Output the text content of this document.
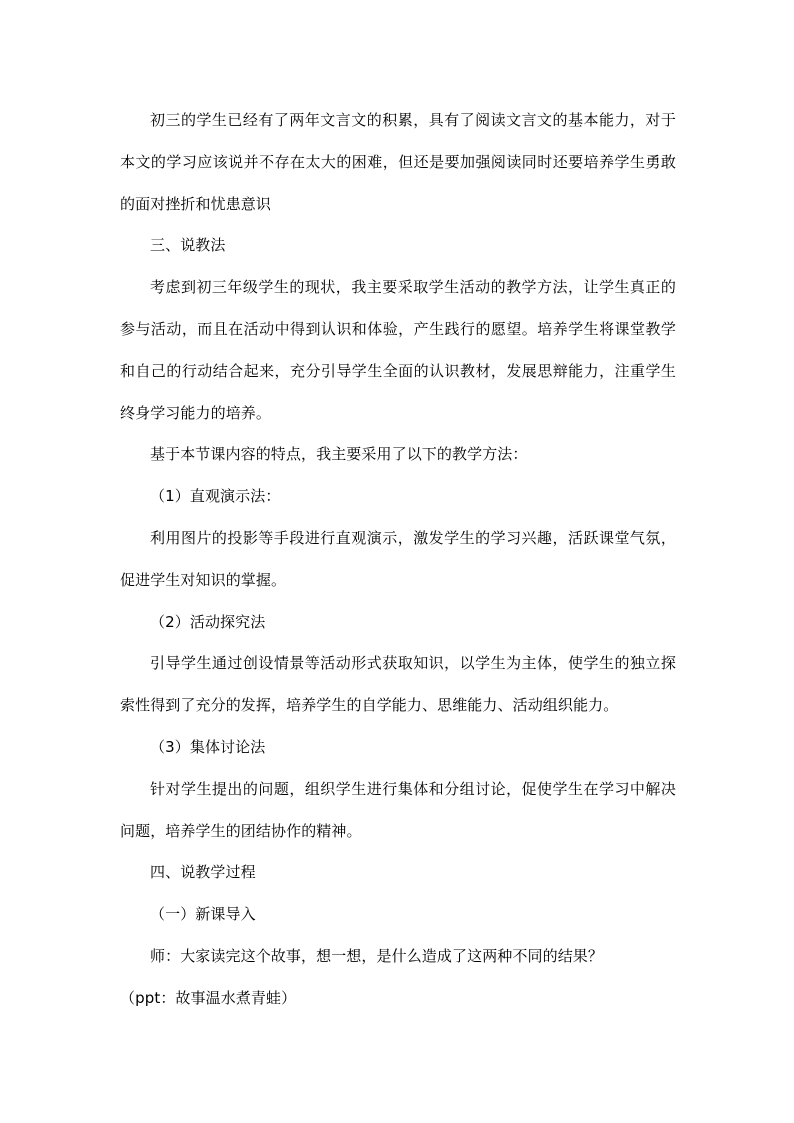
初三的学生已经有了两年文言文的积累，具有了阅读文言文的基本能力，对于本文的学习应该说并不存在太大的困难，但还是要加强阅读同时还要培养学生勇敢的面对挫折和忧患意识

三、说教法

考虑到初三年级学生的现状，我主要采取学生活动的教学方法，让学生真正的参与活动，而且在活动中得到认识和体验，产生践行的愿望。培养学生将课堂教学和自己的行动结合起来，充分引导学生全面的认识教材，发展思辩能力，注重学生终身学习能力的培养。

基于本节课内容的特点，我主要采用了以下的教学方法：

（1）直观演示法：

利用图片的投影等手段进行直观演示，激发学生的学习兴趣，活跃课堂气氛，促进学生对知识的掌握。

（2）活动探究法

引导学生通过创设情景等活动形式获取知识，以学生为主体，使学生的独立探索性得到了充分的发挥，培养学生的自学能力、思维能力、活动组织能力。

（3）集体讨论法

针对学生提出的问题，组织学生进行集体和分组讨论，促使学生在学习中解决问题，培养学生的团结协作的精神。

四、说教学过程

（一）新课导入

师：大家读完这个故事，想一想，是什么造成了这两种不同的结果？

（ppt：故事温水煮青蛙）
